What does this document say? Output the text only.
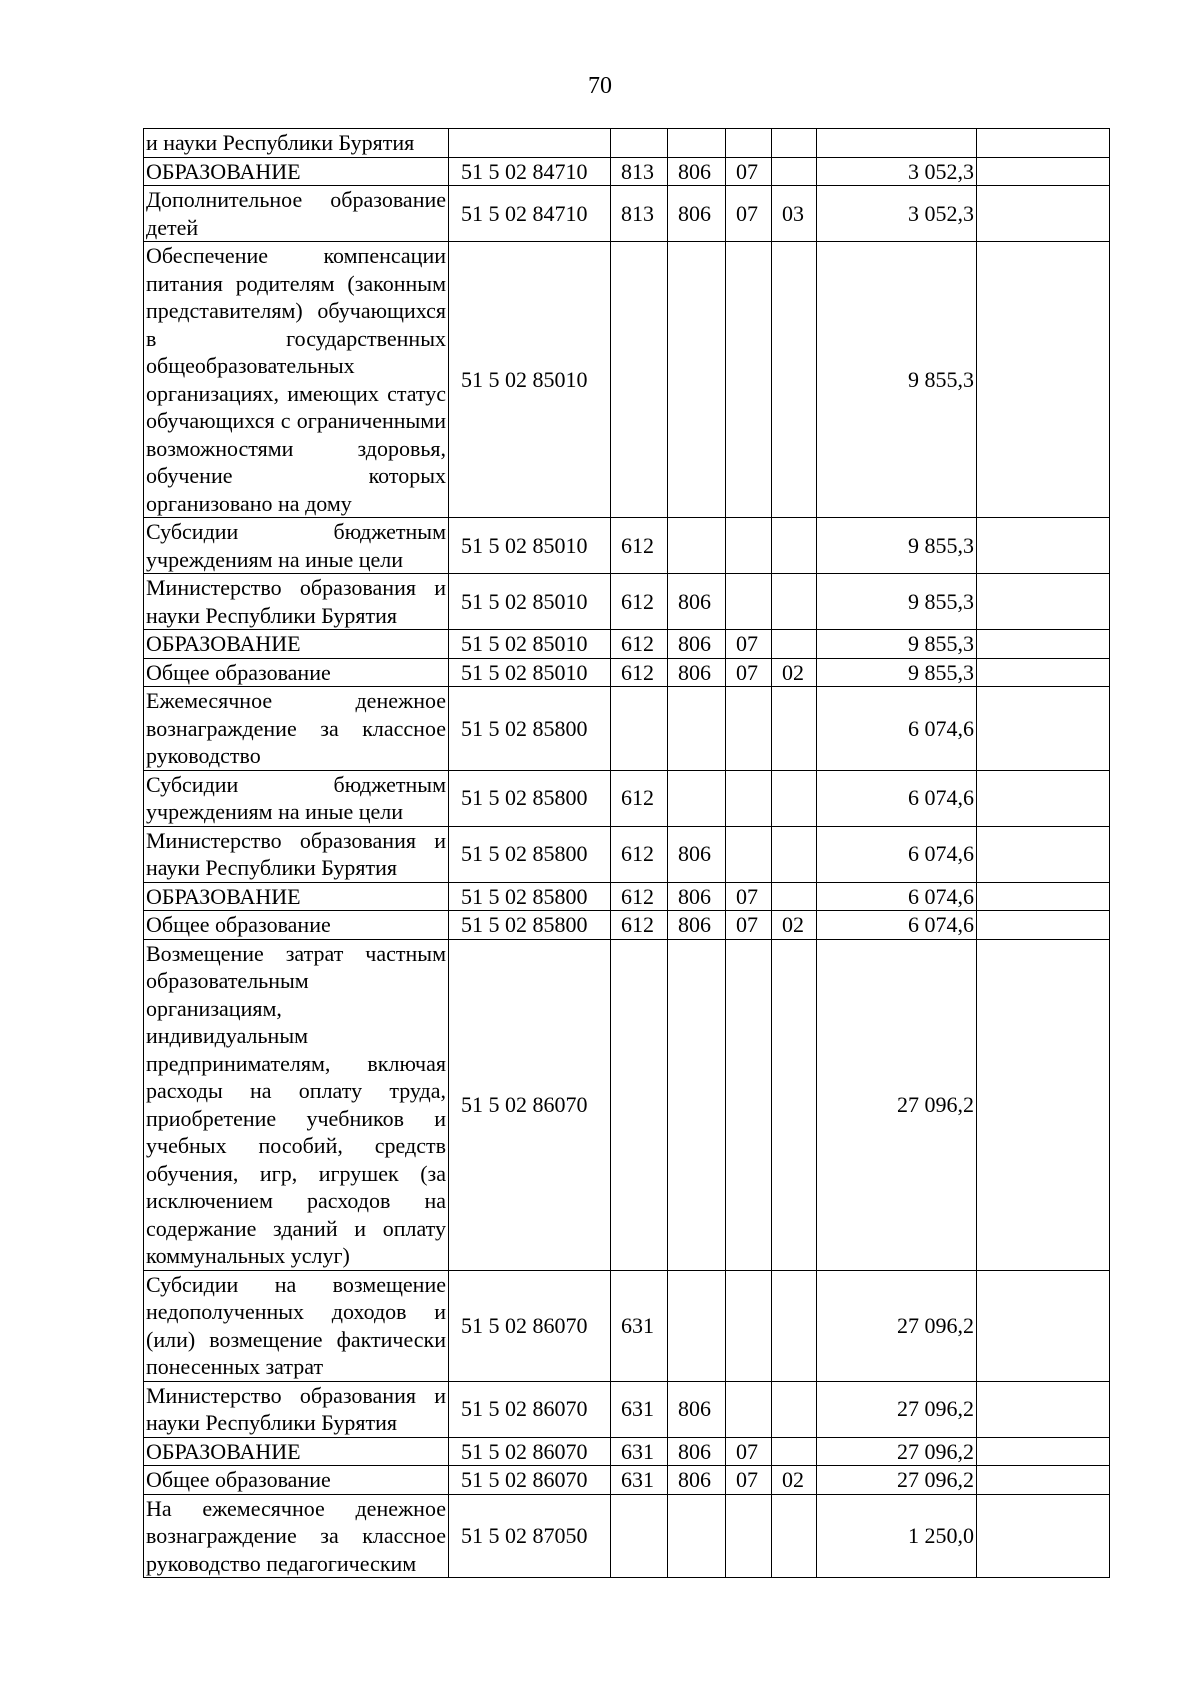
70
и науки Республики Бурятия							
ОБРАЗОВАНИЕ	51 5 02 84710	813	806	07		3 052,3	
Дополнительное образование детей	51 5 02 84710	813	806	07	03	3 052,3	
Обеспечение компенсации питания родителям (законным представителям) обучающихся в государственных общеобразовательных организациях, имеющих статус обучающихся с ограниченными возможностями здоровья, обучение которых организовано на дому	51 5 02 85010					9 855,3	
Субсидии бюджетным учреждениям на иные цели	51 5 02 85010	612				9 855,3	
Министерство образования и науки Республики Бурятия	51 5 02 85010	612	806			9 855,3	
ОБРАЗОВАНИЕ	51 5 02 85010	612	806	07		9 855,3	
Общее образование	51 5 02 85010	612	806	07	02	9 855,3	
Ежемесячное денежное вознаграждение за классное руководство	51 5 02 85800					6 074,6	
Субсидии бюджетным учреждениям на иные цели	51 5 02 85800	612				6 074,6	
Министерство образования и науки Республики Бурятия	51 5 02 85800	612	806			6 074,6	
ОБРАЗОВАНИЕ	51 5 02 85800	612	806	07		6 074,6	
Общее образование	51 5 02 85800	612	806	07	02	6 074,6	
Возмещение затрат частным образовательным организациям, индивидуальным предпринимателям, включая расходы на оплату труда, приобретение учебников и учебных пособий, средств обучения, игр, игрушек (за исключением расходов на содержание зданий и оплату коммунальных услуг)	51 5 02 86070					27 096,2	
Субсидии на возмещение недополученных доходов и (или) возмещение фактически понесенных затрат	51 5 02 86070	631				27 096,2	
Министерство образования и науки Республики Бурятия	51 5 02 86070	631	806			27 096,2	
ОБРАЗОВАНИЕ	51 5 02 86070	631	806	07		27 096,2	
Общее образование	51 5 02 86070	631	806	07	02	27 096,2	
На ежемесячное денежное вознаграждение за классное руководство педагогическим	51 5 02 87050					1 250,0	
